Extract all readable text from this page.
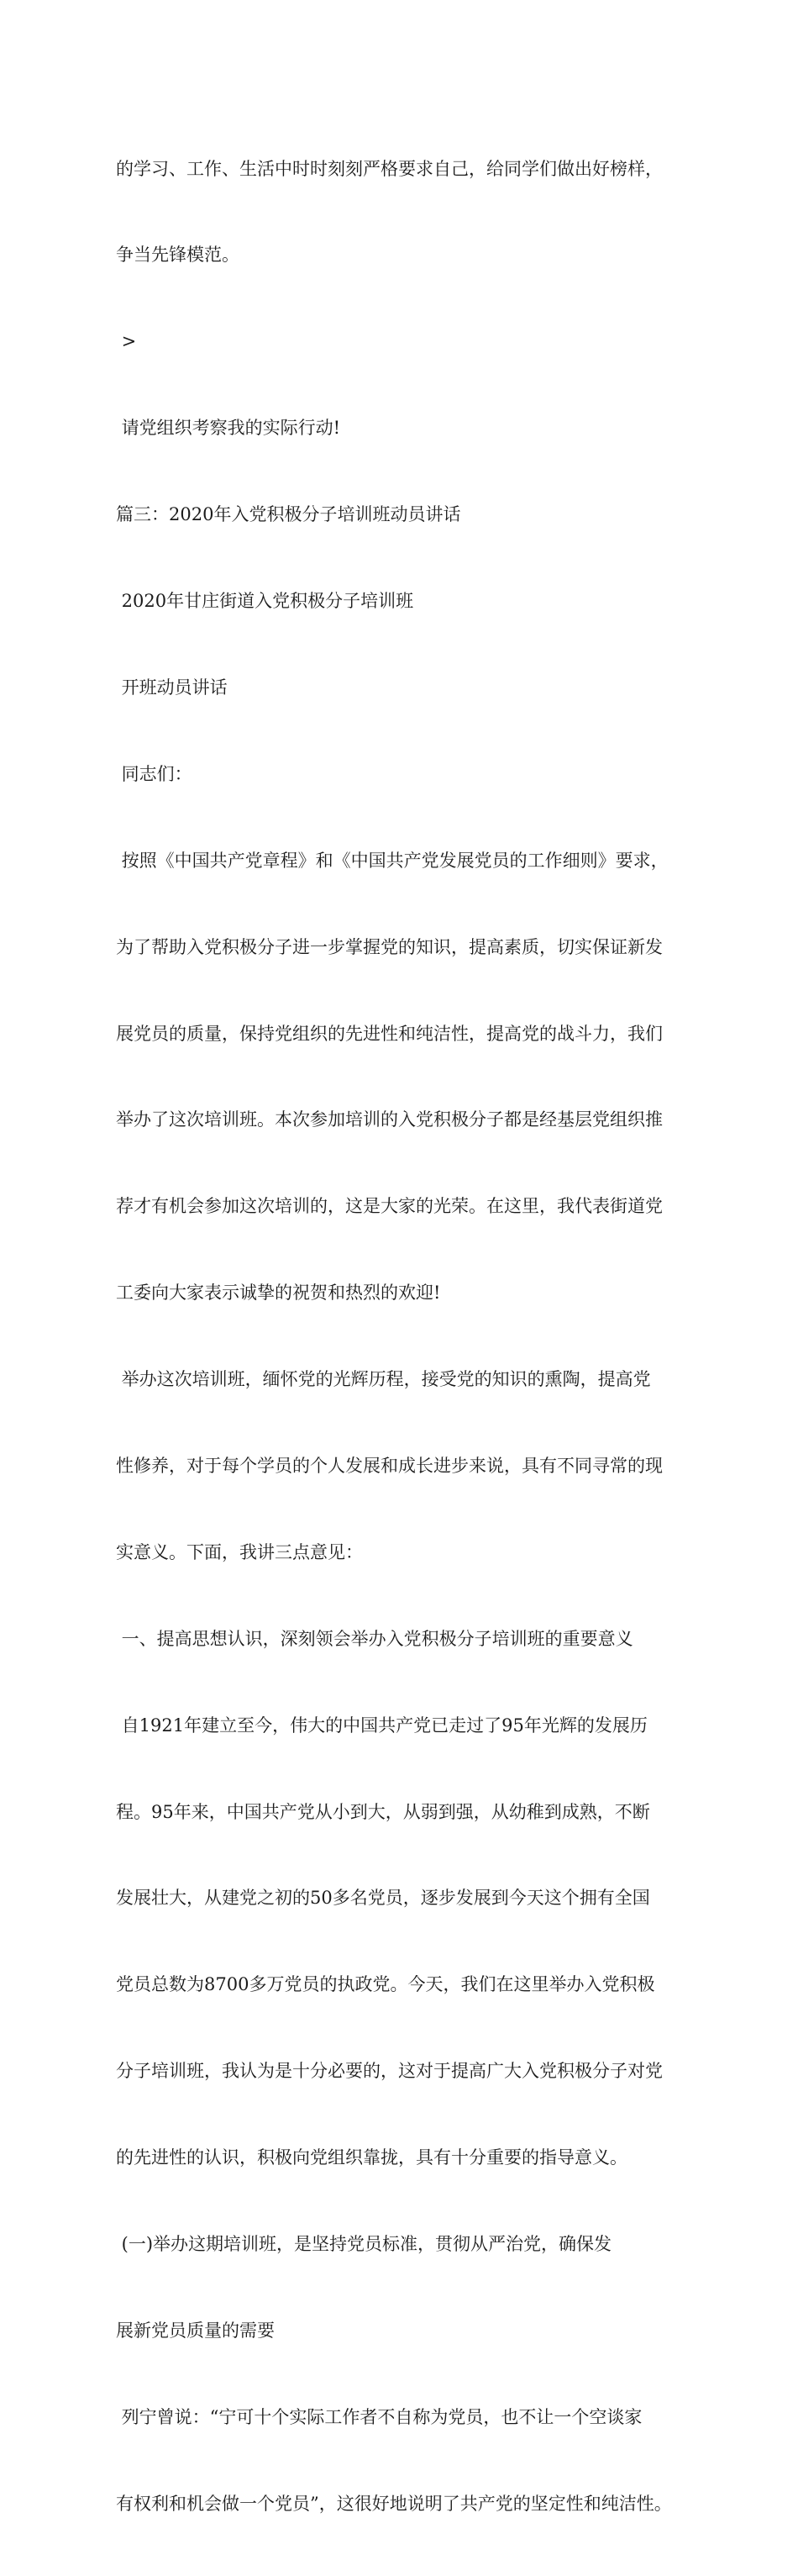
的学习、工作、生活中时时刻刻严格要求自己，给同学们做出好榜样，

争当先锋模范。

>

请党组织考察我的实际行动!

篇三：2020年入党积极分子培训班动员讲话

2020年甘庄街道入党积极分子培训班

开班动员讲话

同志们：

按照《中国共产党章程》和《中国共产党发展党员的工作细则》要求，

为了帮助入党积极分子进一步掌握党的知识，提高素质，切实保证新发

展党员的质量，保持党组织的先进性和纯洁性，提高党的战斗力，我们

举办了这次培训班。本次参加培训的入党积极分子都是经基层党组织推

荐才有机会参加这次培训的，这是大家的光荣。在这里，我代表街道党

工委向大家表示诚挚的祝贺和热烈的欢迎!

举办这次培训班，缅怀党的光辉历程，接受党的知识的熏陶，提高党

性修养，对于每个学员的个人发展和成长进步来说，具有不同寻常的现

实意义。下面，我讲三点意见：

一、提高思想认识，深刻领会举办入党积极分子培训班的重要意义

自1921年建立至今，伟大的中国共产党已走过了95年光辉的发展历

程。95年来，中国共产党从小到大，从弱到强，从幼稚到成熟，不断

发展壮大，从建党之初的50多名党员，逐步发展到今天这个拥有全国

党员总数为8700多万党员的执政党。今天，我们在这里举办入党积极

分子培训班，我认为是十分必要的，这对于提高广大入党积极分子对党

的先进性的认识，积极向党组织靠拢，具有十分重要的指导意义。

(一)举办这期培训班，是坚持党员标准，贯彻从严治党，确保发

展新党员质量的需要

列宁曾说：“宁可十个实际工作者不自称为党员，也不让一个空谈家

有权利和机会做一个党员”，这很好地说明了共产党的坚定性和纯洁性。
